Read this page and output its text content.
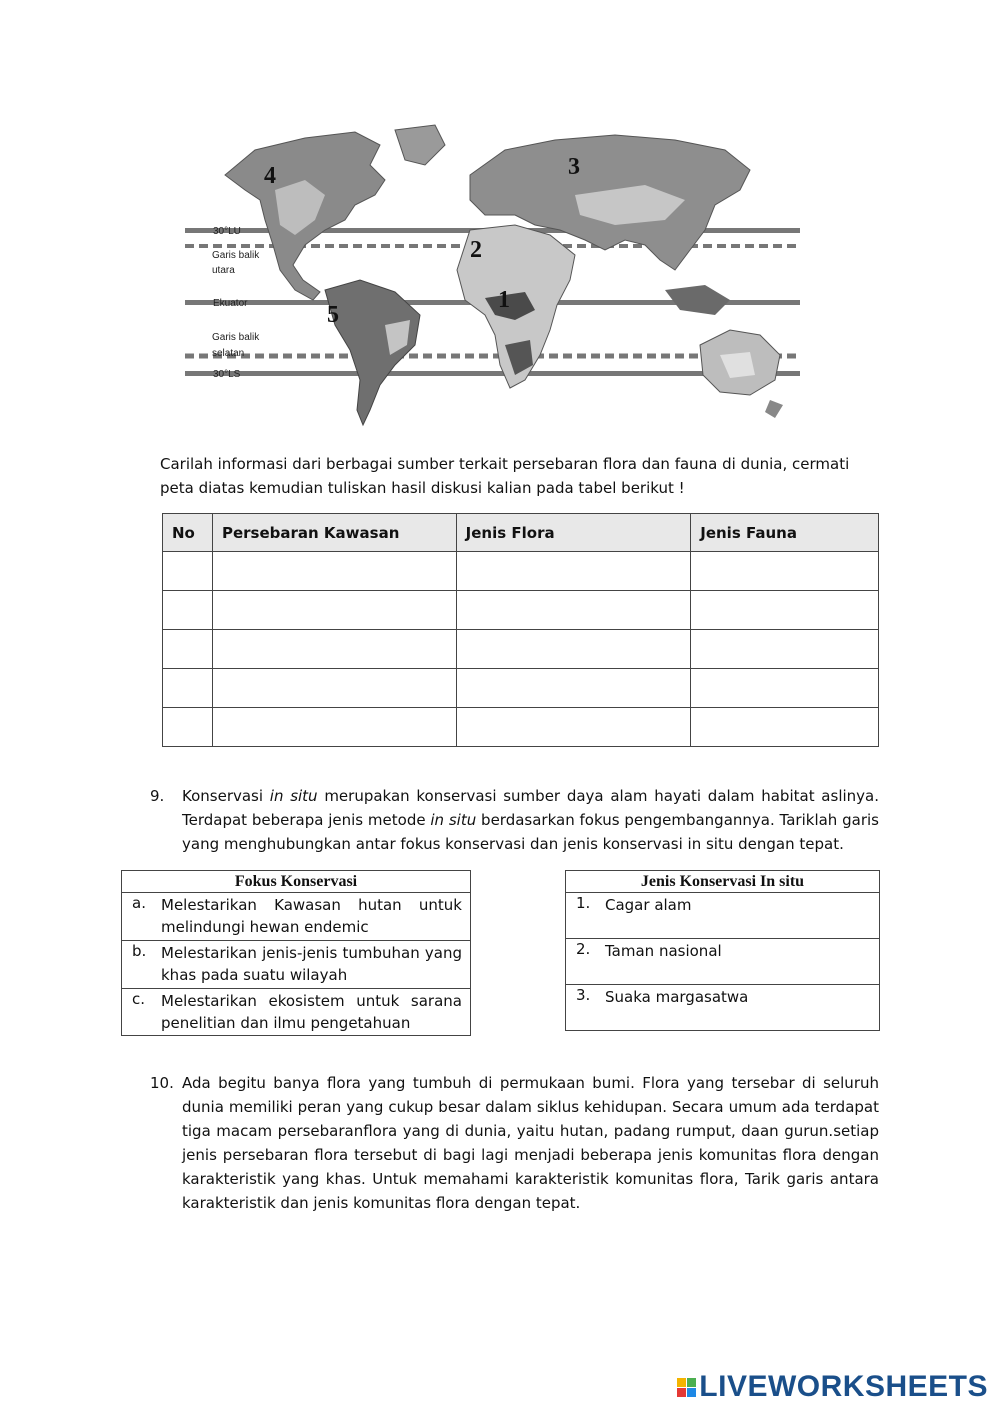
30°LU
Garis balik
utara
Ekuator
Garis balik
selatan
30°LS
1
2
3
4
5

Carilah informasi dari berbagai sumber terkait persebaran flora dan fauna di dunia, cermati

peta diatas kemudian tuliskan hasil diskusi kalian pada tabel berikut !

No	Persebaran Kawasan	Jenis Flora	Jenis Fauna

9. Konservasi in situ merupakan konservasi sumber daya alam hayati dalam habitat aslinya. Terdapat beberapa jenis metode in situ berdasarkan fokus pengembangannya. Tariklah garis yang menghubungkan antar fokus konservasi dan jenis konservasi in situ dengan tepat.
Fokus Konservasi
a. Melestarikan Kawasan hutan untuk melindungi hewan endemic
b. Melestarikan jenis-jenis tumbuhan yang khas pada suatu wilayah
c. Melestarikan ekosistem untuk sarana penelitian dan ilmu pengetahuan
Jenis Konservasi In situ
1. Cagar alam
2. Taman nasional
3. Suaka margasatwa
10. Ada begitu banya flora yang tumbuh di permukaan bumi. Flora yang tersebar di seluruh dunia memiliki peran yang cukup besar dalam siklus kehidupan. Secara umum ada terdapat tiga macam persebaranflora yang di dunia, yaitu hutan, padang rumput, daan gurun.setiap jenis persebaran flora tersebut di bagi lagi menjadi beberapa jenis komunitas flora dengan karakteristik yang khas. Untuk memahami karakteristik komunitas flora, Tarik garis antara karakteristik dan jenis komunitas flora dengan tepat.
LIVEWORKSHEETS
